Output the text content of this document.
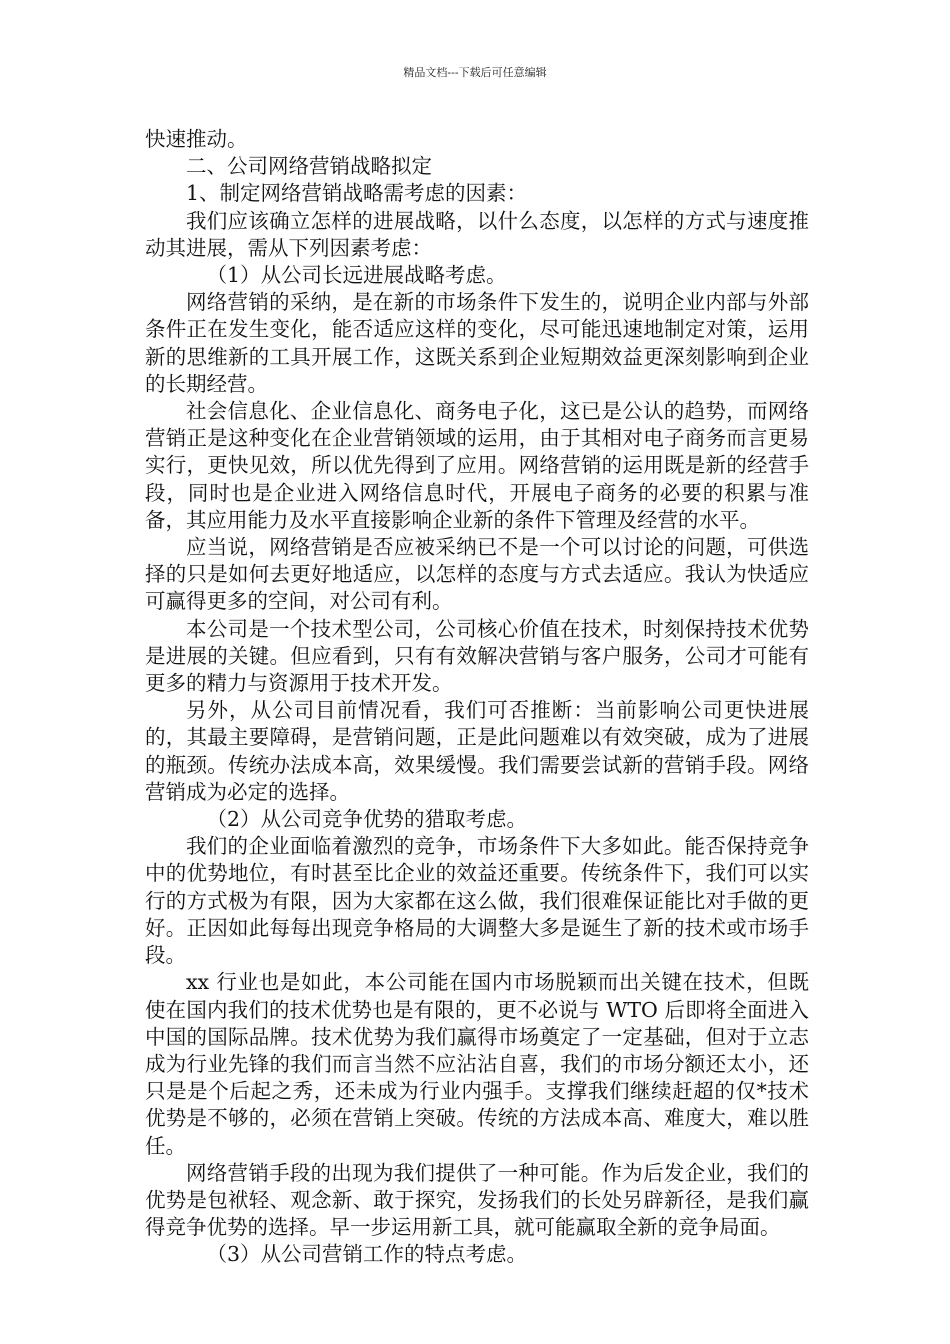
精品文档---下载后可任意编辑

快速推动。

二、公司网络营销战略拟定

1、制定网络营销战略需考虑的因素：

我们应该确立怎样的进展战略，以什么态度，以怎样的方式与速度推动其进展，需从下列因素考虑：

（1）从公司长远进展战略考虑。

网络营销的采纳，是在新的市场条件下发生的，说明企业内部与外部条件正在发生变化，能否适应这样的变化，尽可能迅速地制定对策，运用新的思维新的工具开展工作，这既关系到企业短期效益更深刻影响到企业的长期经营。

社会信息化、企业信息化、商务电子化，这已是公认的趋势，而网络营销正是这种变化在企业营销领域的运用，由于其相对电子商务而言更易实行，更快见效，所以优先得到了应用。网络营销的运用既是新的经营手段，同时也是企业进入网络信息时代，开展电子商务的必要的积累与准备，其应用能力及水平直接影响企业新的条件下管理及经营的水平。

应当说，网络营销是否应被采纳已不是一个可以讨论的问题，可供选择的只是如何去更好地适应，以怎样的态度与方式去适应。我认为快适应可赢得更多的空间，对公司有利。

本公司是一个技术型公司，公司核心价值在技术，时刻保持技术优势是进展的关键。但应看到，只有有效解决营销与客户服务，公司才可能有更多的精力与资源用于技术开发。

另外，从公司目前情况看，我们可否推断：当前影响公司更快进展的，其最主要障碍，是营销问题，正是此问题难以有效突破，成为了进展的瓶颈。传统办法成本高，效果缓慢。我们需要尝试新的营销手段。网络营销成为必定的选择。

（2）从公司竞争优势的猎取考虑。

我们的企业面临着激烈的竞争，市场条件下大多如此。能否保持竞争中的优势地位，有时甚至比企业的效益还重要。传统条件下，我们可以实行的方式极为有限，因为大家都在这么做，我们很难保证能比对手做的更好。正因如此每每出现竞争格局的大调整大多是诞生了新的技术或市场手段。

xx 行业也是如此，本公司能在国内市场脱颖而出关键在技术，但既使在国内我们的技术优势也是有限的，更不必说与 WTO 后即将全面进入中国的国际品牌。技术优势为我们赢得市场奠定了一定基础，但对于立志成为行业先锋的我们而言当然不应沾沾自喜，我们的市场分额还太小，还只是是个后起之秀，还未成为行业内强手。支撑我们继续赶超的仅*技术优势是不够的，必须在营销上突破。传统的方法成本高、难度大，难以胜任。

网络营销手段的出现为我们提供了一种可能。作为后发企业，我们的优势是包袱轻、观念新、敢于探究，发扬我们的长处另辟新径，是我们赢得竞争优势的选择。早一步运用新工具，就可能赢取全新的竞争局面。

（3）从公司营销工作的特点考虑。
